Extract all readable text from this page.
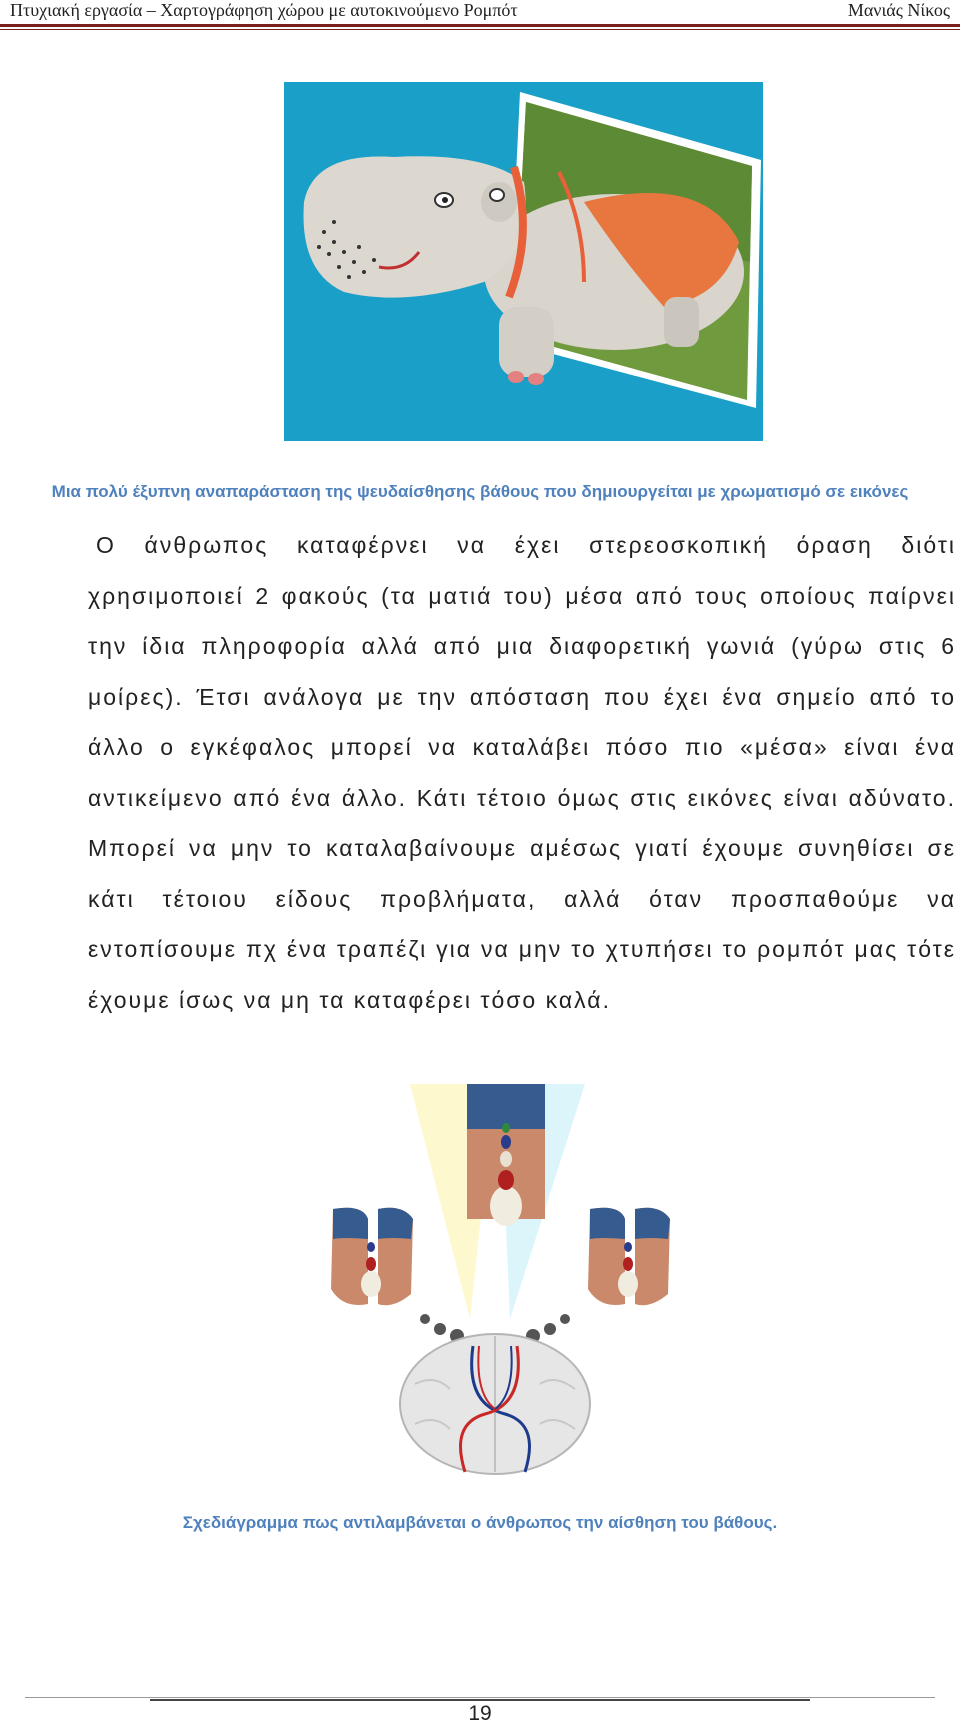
Πτυχιακή εργασία – Χαρτογράφηση χώρου με αυτοκινούμενο Ρομπότ	Μανιάς Νίκος
Μια πολύ έξυπνη αναπαράσταση της ψευδαίσθησης βάθους που δημιουργείται με χρωματισμό σε εικόνες
Ο άνθρωπος καταφέρνει να έχει στερεοσκοπική όραση διότι χρησιμοποιεί 2 φακούς (τα ματιά του) μέσα από τους οποίους παίρνει την ίδια πληροφορία αλλά από μια διαφορετική γωνιά (γύρω στις 6 μοίρες). Έτσι ανάλογα με την απόσταση που έχει ένα σημείο από το άλλο ο εγκέφαλος μπορεί να καταλάβει πόσο πιο «μέσα» είναι ένα αντικείμενο από ένα άλλο. Κάτι τέτοιο όμως στις εικόνες είναι αδύνατο. Μπορεί να μην το καταλαβαίνουμε αμέσως γιατί έχουμε συνηθίσει σε κάτι τέτοιου είδους προβλήματα, αλλά όταν προσπαθούμε να εντοπίσουμε πχ ένα τραπέζι για να μην το χτυπήσει το ρομπότ μας τότε έχουμε ίσως να μη τα καταφέρει τόσο καλά.
Σχεδιάγραμμα πως αντιλαμβάνεται ο άνθρωπος την αίσθηση του βάθους.
19
